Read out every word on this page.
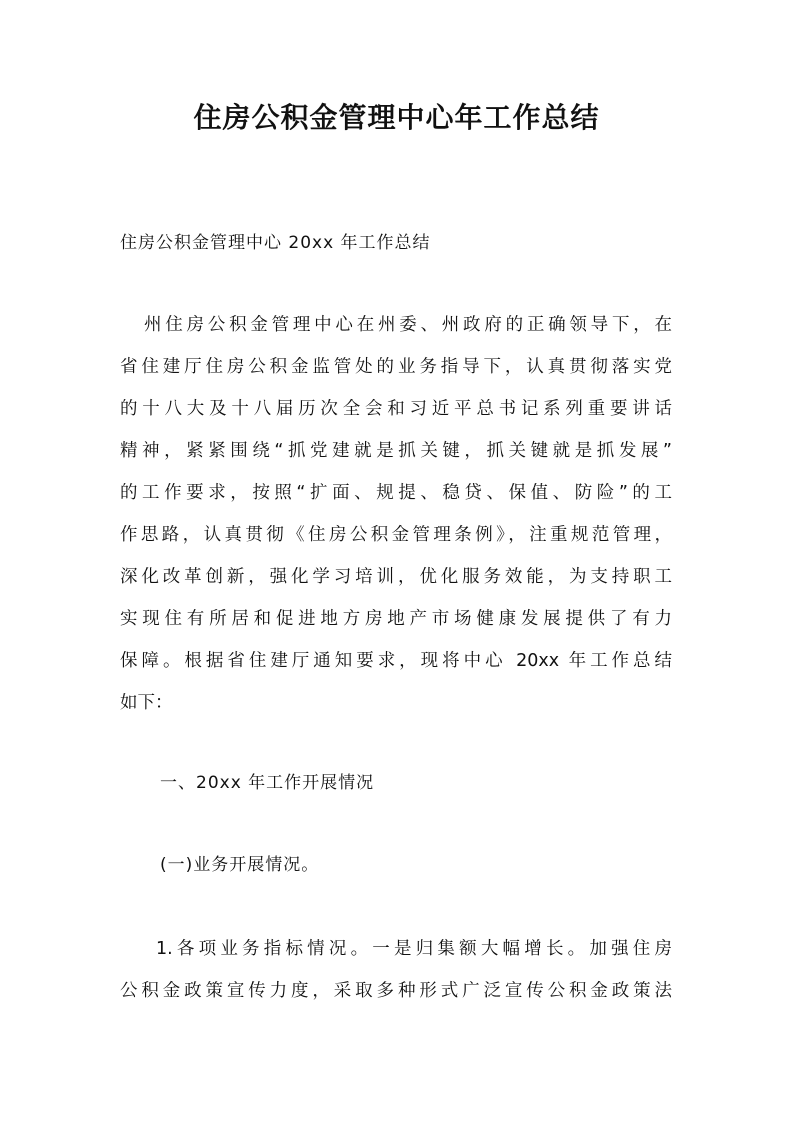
住房公积金管理中心年工作总结
住房公积金管理中心 20xx 年工作总结
州住房公积金管理中心在州委、州政府的正确领导下，在
省住建厅住房公积金监管处的业务指导下，认真贯彻落实党
的十八大及十八届历次全会和习近平总书记系列重要讲话
精神，紧紧围绕“抓党建就是抓关键，抓关键就是抓发展”
的工作要求，按照“扩面、规提、稳贷、保值、防险”的工
作思路，认真贯彻《住房公积金管理条例》，注重规范管理，
深化改革创新，强化学习培训，优化服务效能，为支持职工
实现住有所居和促进地方房地产市场健康发展提供了有力
保障。根据省住建厅通知要求，现将中心 20xx 年工作总结
如下：
一、20xx 年工作开展情况
(一)业务开展情况。
1.各项业务指标情况。一是归集额大幅增长。加强住房
公积金政策宣传力度，采取多种形式广泛宣传公积金政策法
